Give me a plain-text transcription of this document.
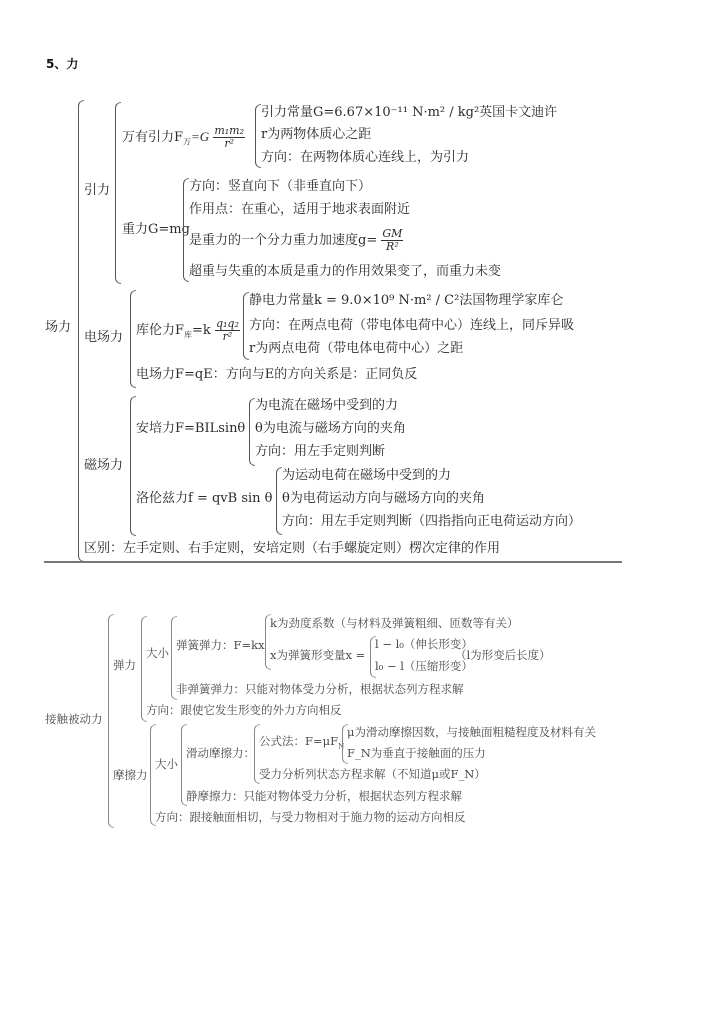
5、力
场力
引力
万有引力$F_万=G \frac{\text{m₁m₂}}{\text{r²}}$
引力常量G=6.67×10⁻¹¹ N·m² / kg²英国卡文迪许
r为两物体质心之距
方向：在两物体质心连线上，为引力
重力G=mg
方向：竖直向下（非垂直向下）
作用点：在重心，适用于地求表面附近
是重力的一个分力重力加速度$g= \frac{GM}{\text{R²}}$
超重与失重的本质是重力的作用效果变了，而重力未变
电场力 库伦力$F_库=k \frac{\text{q₁q₂}}{\text{r²}}$
静电力常量k = 9.0×10⁹ N·m² / C²法国物理学家库仑
方向：在两点电荷（带电体电荷中心）连线上，同斥异吸
r为两点电荷（带电体电荷中心）之距
电场力F=qE：方向与E的方向关系是：正同负反
磁场力
安培力F=BILsinθ
为电流在磁场中受到的力
θ为电流与磁场方向的夹角
方向：用左手定则判断
洛伦兹力f = qvB sin θ
为运动电荷在磁场中受到的力
θ为电荷运动方向与磁场方向的夹角
方向：用左手定则判断（四指指向正电荷运动方向）
区别：左手定则、右手定则，安培定则（右手螺旋定则）楞次定律的作用
接触被动力
弹力
大小
弹簧弹力：F=kx
k为劲度系数（与材料及弹簧粗细、匝数等有关）
x为弹簧形变量x =
l − l₀（伸长形变）
l₀ − l（压缩形变）
（l为形变后长度）
非弹簧弹力：只能对物体受力分析，根据状态列方程求解
方向：跟使它发生形变的外力方向相反
摩擦力
大小
滑动摩擦力：
公式法：$F=\mu F_N$
μ为滑动摩擦因数，与接触面粗糙程度及材料有关
F_N为垂直于接触面的压力
受力分析列状态方程求解（不知道μ或F_N）
静摩擦力：只能对物体受力分析，根据状态列方程求解
方向：跟接触面相切，与受力物相对于施力物的运动方向相反
